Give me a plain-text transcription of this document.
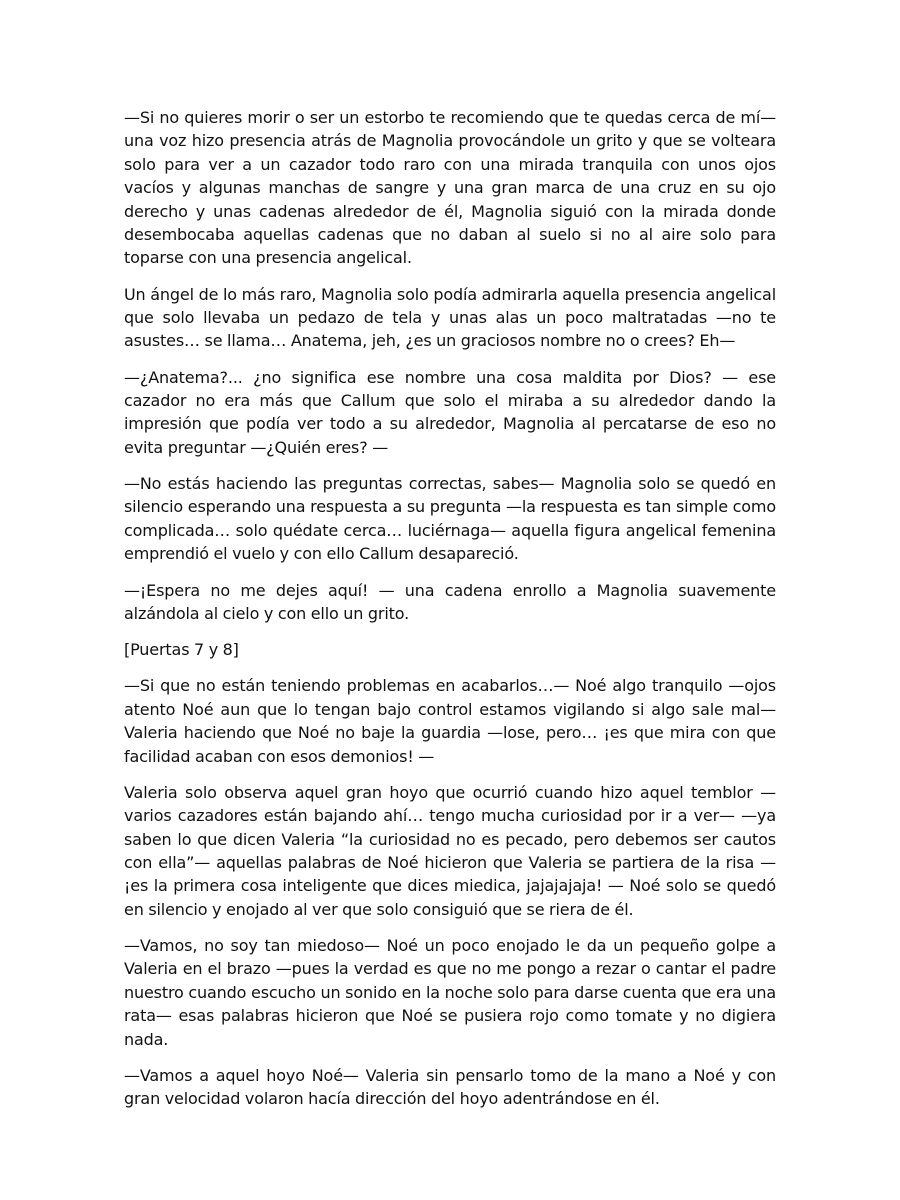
—Si no quieres morir o ser un estorbo te recomiendo que te quedas cerca de mí— una voz hizo presencia atrás de Magnolia provocándole un grito y que se volteara solo para ver a un cazador todo raro con una mirada tranquila con unos ojos vacíos y algunas manchas de sangre y una gran marca de una cruz en su ojo derecho y unas cadenas alrededor de él, Magnolia siguió con la mirada donde desembocaba aquellas cadenas que no daban al suelo si no al aire solo para toparse con una presencia angelical.

Un ángel de lo más raro, Magnolia solo podía admirarla aquella presencia angelical que solo llevaba un pedazo de tela y unas alas un poco maltratadas —no te asustes… se llama… Anatema, jeh, ¿es un graciosos nombre no o crees? Eh—

—¿Anatema?... ¿no significa ese nombre una cosa maldita por Dios? — ese cazador no era más que Callum que solo el miraba a su alrededor dando la impresión que podía ver todo a su alrededor, Magnolia al percatarse de eso no evita preguntar —¿Quién eres? —

—No estás haciendo las preguntas correctas, sabes— Magnolia solo se quedó en silencio esperando una respuesta a su pregunta —la respuesta es tan simple como complicada… solo quédate cerca… luciérnaga— aquella figura angelical femenina emprendió el vuelo y con ello Callum desapareció.

—¡Espera no me dejes aquí! — una cadena enrollo a Magnolia suavemente alzándola al cielo y con ello un grito.

[Puertas 7 y 8]

—Si que no están teniendo problemas en acabarlos…— Noé algo tranquilo —ojos atento Noé aun que lo tengan bajo control estamos vigilando si algo sale mal— Valeria haciendo que Noé no baje la guardia —lose, pero… ¡es que mira con que facilidad acaban con esos demonios! —

Valeria solo observa aquel gran hoyo que ocurrió cuando hizo aquel temblor —varios cazadores están bajando ahí… tengo mucha curiosidad por ir a ver— —ya saben lo que dicen Valeria “la curiosidad no es pecado, pero debemos ser cautos con ella”— aquellas palabras de Noé hicieron que Valeria se partiera de la risa —¡es la primera cosa inteligente que dices miedica, jajajajaja! — Noé solo se quedó en silencio y enojado al ver que solo consiguió que se riera de él.

—Vamos, no soy tan miedoso— Noé un poco enojado le da un pequeño golpe a Valeria en el brazo —pues la verdad es que no me pongo a rezar o cantar el padre nuestro cuando escucho un sonido en la noche solo para darse cuenta que era una rata— esas palabras hicieron que Noé se pusiera rojo como tomate y no digiera nada.

—Vamos a aquel hoyo Noé— Valeria sin pensarlo tomo de la mano a Noé y con gran velocidad volaron hacía dirección del hoyo adentrándose en él.
